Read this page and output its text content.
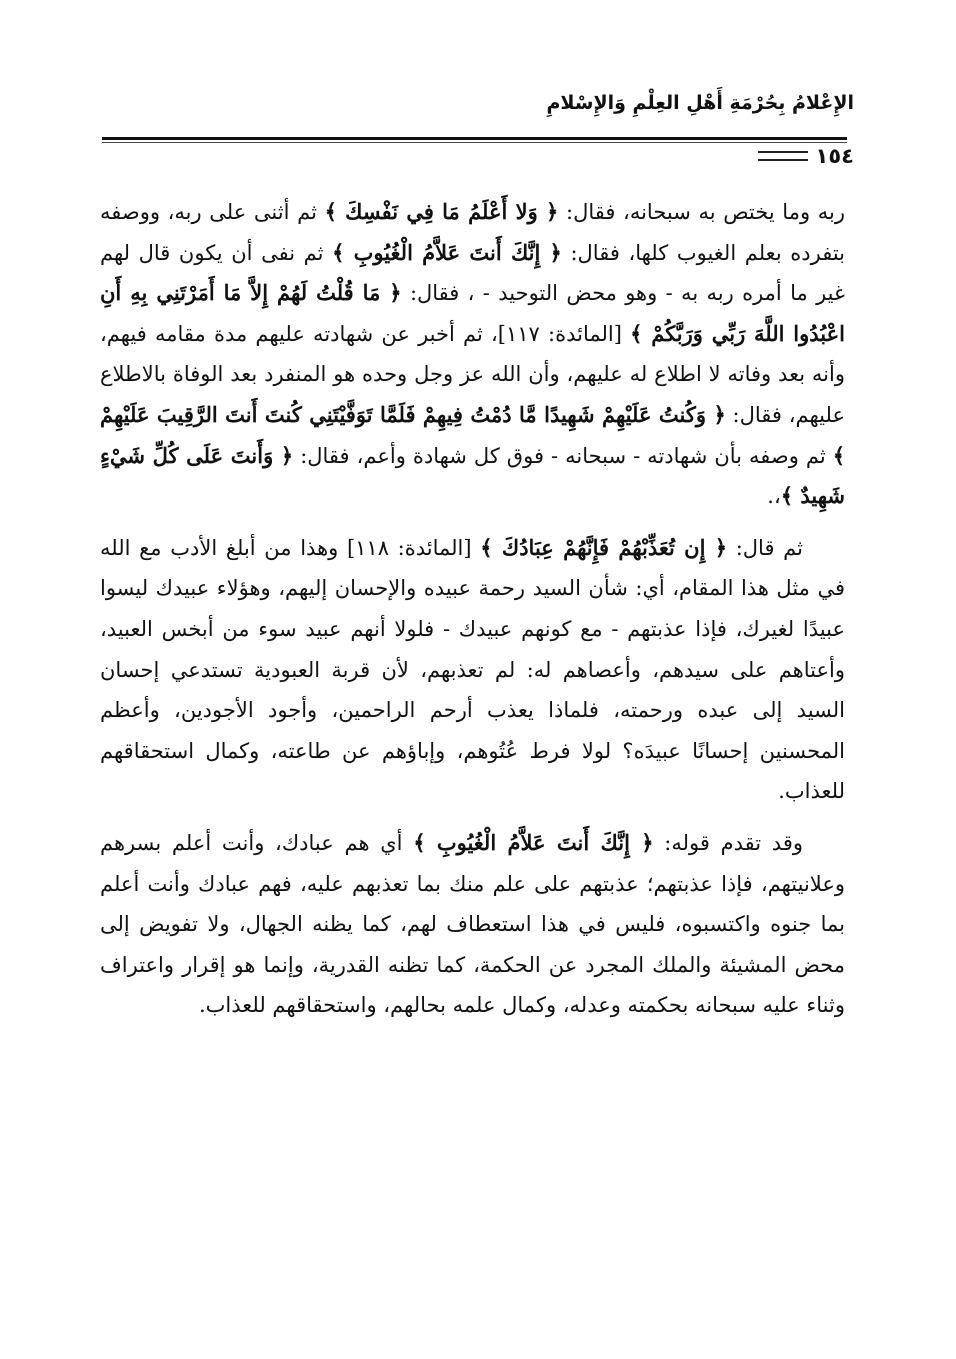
الإِعْلامُ بِحُرْمَةِ أَهْلِ العِلْمِ وَالإِسْلامِ
١٥٤

ربه وما يختص به سبحانه، فقال: ﴿ وَلا أَعْلَمُ مَا فِي نَفْسِكَ ﴾ ثم أثنى على ربه، ووصفه بتفرده بعلم الغيوب كلها، فقال: ﴿ إِنَّكَ أَنتَ عَلاَّمُ الْغُيُوبِ ﴾ ثم نفى أن يكون قال لهم غير ما أمره ربه به - وهو محض التوحيد - ، فقال: ﴿ مَا قُلْتُ لَهُمْ إِلاَّ مَا أَمَرْتَنِي بِهِ أَنِ اعْبُدُوا اللَّهَ رَبِّي وَرَبَّكُمْ ﴾ [المائدة: ١١٧]، ثم أخبر عن شهادته عليهم مدة مقامه فيهم، وأنه بعد وفاته لا اطلاع له عليهم، وأن الله عز وجل وحده هو المنفرد بعد الوفاة بالاطلاع عليهم، فقال: ﴿ وَكُنتُ عَلَيْهِمْ شَهِيدًا مَّا دُمْتُ فِيهِمْ فَلَمَّا تَوَفَّيْتَنِي كُنتَ أَنتَ الرَّقِيبَ عَلَيْهِمْ ﴾ ثم وصفه بأن شهادته - سبحانه - فوق كل شهادة وأعم، فقال: ﴿ وَأَنتَ عَلَى كُلِّ شَيْءٍ شَهِيدٌ ﴾،.

ثم قال: ﴿ إِن تُعَذِّبْهُمْ فَإِنَّهُمْ عِبَادُكَ ﴾ [المائدة: ١١٨] وهذا من أبلغ الأدب مع الله في مثل هذا المقام، أي: شأن السيد رحمة عبيده والإحسان إليهم، وهؤلاء عبيدك ليسوا عبيدًا لغيرك، فإذا عذبتهم - مع كونهم عبيدك - فلولا أنهم عبيد سوء من أبخس العبيد، وأعتاهم على سيدهم، وأعصاهم له: لم تعذبهم، لأن قربة العبودية تستدعي إحسان السيد إلى عبده ورحمته، فلماذا يعذب أرحم الراحمين، وأجود الأجودين، وأعظم المحسنين إحسانًا عبيدَه؟ لولا فرط عُتُوهم، وإباؤهم عن طاعته، وكمال استحقاقهم للعذاب.

وقد تقدم قوله: ﴿ إِنَّكَ أَنتَ عَلاَّمُ الْغُيُوبِ ﴾ أي هم عبادك، وأنت أعلم بسرهم وعلانيتهم، فإذا عذبتهم؛ عذبتهم على علم منك بما تعذبهم عليه، فهم عبادك وأنت أعلم بما جنوه واكتسبوه، فليس في هذا استعطاف لهم، كما يظنه الجهال، ولا تفويض إلى محض المشيئة والملك المجرد عن الحكمة، كما تظنه القدرية، وإنما هو إقرار واعتراف وثناء عليه سبحانه بحكمته وعدله، وكمال علمه بحالهم، واستحقاقهم للعذاب.
